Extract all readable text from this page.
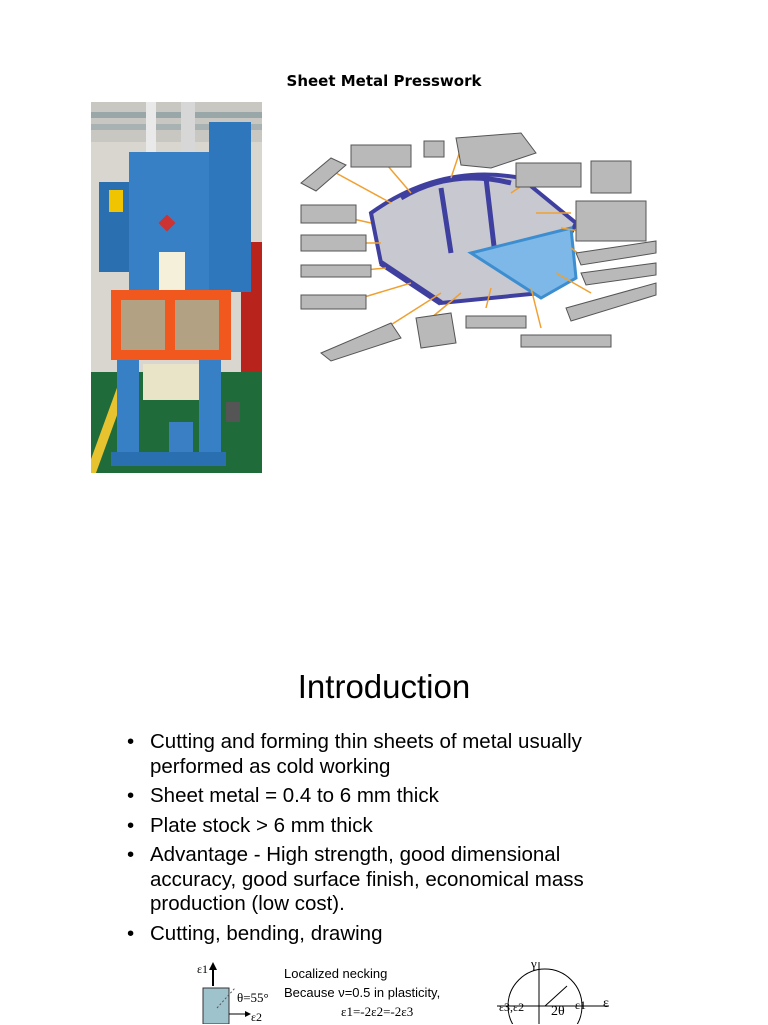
Sheet Metal Presswork
Introduction
• Cutting and forming thin sheets of metal usually performed as cold working
• Sheet metal = 0.4 to 6 mm thick
• Plate stock > 6 mm thick
• Advantage - High strength, good dimensional accuracy, good surface finish, economical mass production (low cost).
• Cutting, bending, drawing
ε1
θ=55°
ε2
Localized necking
Because ν=0.5 in plasticity,
ε1=-2ε2=-2ε3
γ
ε3,ε2 2θ ε1 ε
